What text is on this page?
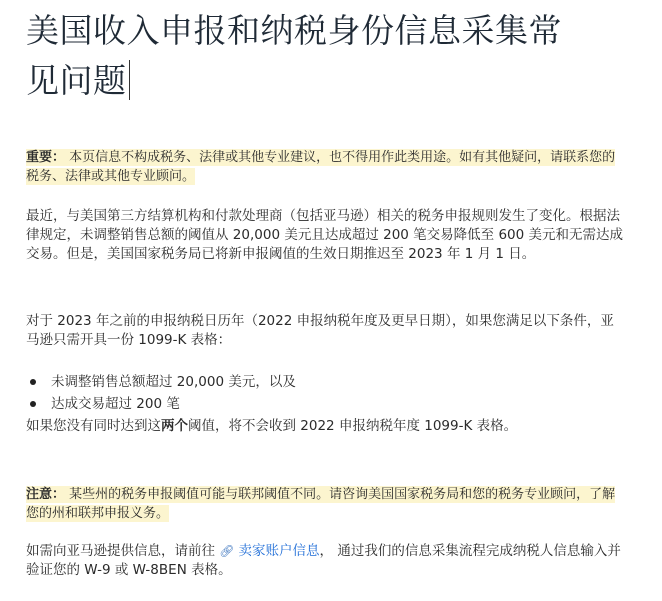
美国收入申报和纳税身份信息采集常
见问题
重要： 本页信息不构成税务、法律或其他专业建议，也不得用作此类用途。如有其他疑问，请联系您的税务、法律或其他专业顾问。

最近，与美国第三方结算机构和付款处理商（包括亚马逊）相关的税务申报规则发生了变化。根据法律规定，未调整销售总额的阈值从 20,000 美元且达成超过 200 笔交易降低至 600 美元和无需达成交易。但是，美国国家税务局已将新申报阈值的生效日期推迟至 2023 年 1 月 1 日。

对于 2023 年之前的申报纳税日历年（2022 申报纳税年度及更早日期），如果您满足以下条件，亚马逊只需开具一份 1099-K 表格：

未调整销售总额超过 20,000 美元，以及
达成交易超过 200 笔

如果您没有同时达到这两个阈值，将不会收到 2022 申报纳税年度 1099-K 表格。

注意： 某些州的税务申报阈值可能与联邦阈值不同。请咨询美国国家税务局和您的税务专业顾问，了解您的州和联邦申报义务。

如需向亚马逊提供信息，请前往 🔗︎ 卖家账户信息， 通过我们的信息采集流程完成纳税人信息输入并验证您的 W-9 或 W-8BEN 表格。
